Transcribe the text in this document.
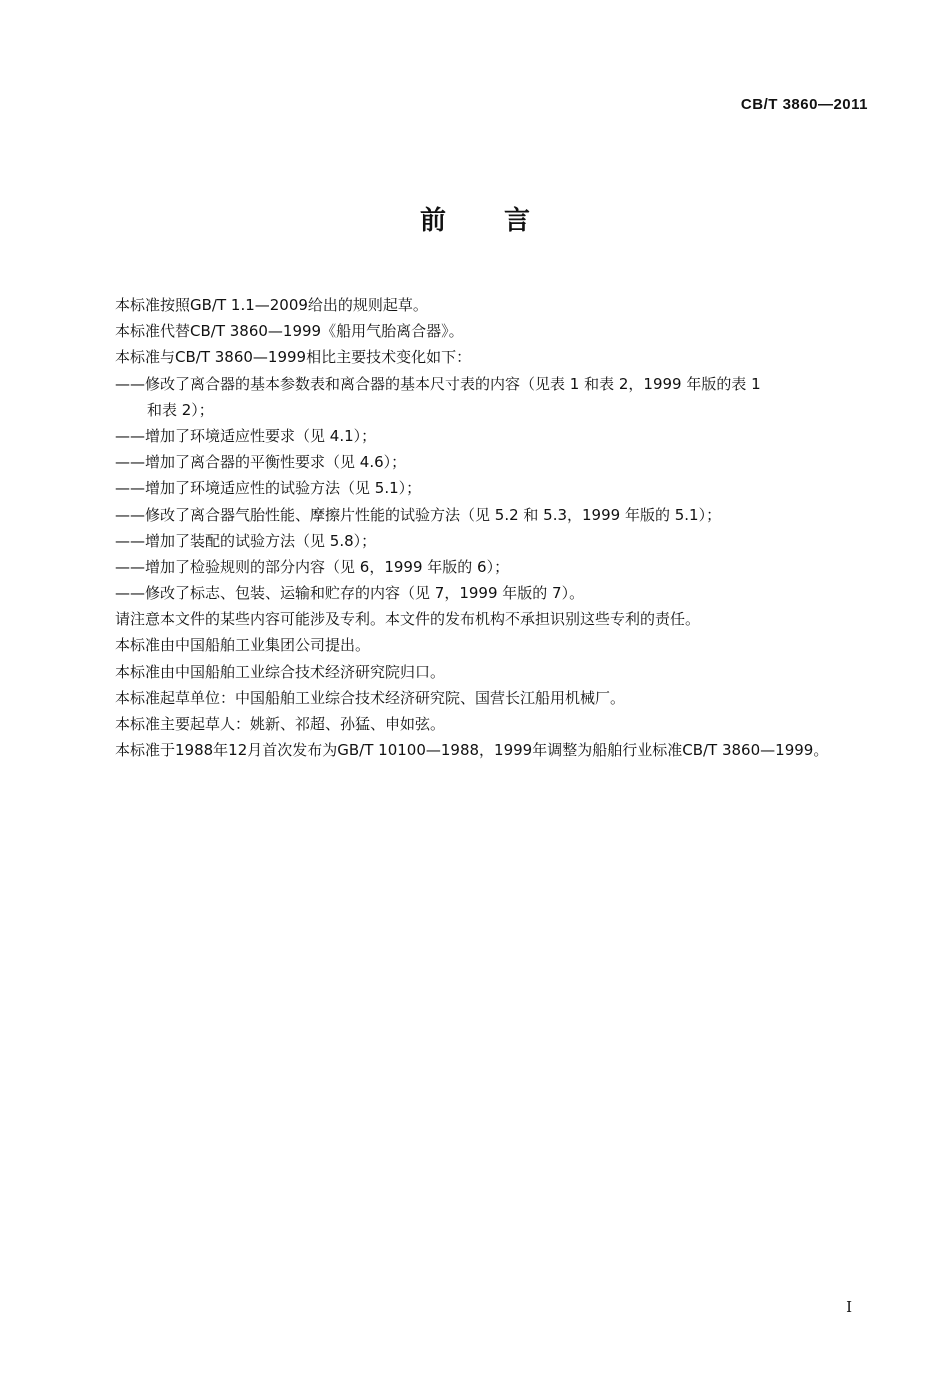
CB/T 3860—2011
前 言
本标准按照GB/T 1.1—2009给出的规则起草。
本标准代替CB/T 3860—1999《船用气胎离合器》。
本标准与CB/T 3860—1999相比主要技术变化如下：
——修改了离合器的基本参数表和离合器的基本尺寸表的内容（见表 1 和表 2，1999 年版的表 1
和表 2）；
——增加了环境适应性要求（见 4.1）；
——增加了离合器的平衡性要求（见 4.6）；
——增加了环境适应性的试验方法（见 5.1）；
——修改了离合器气胎性能、摩擦片性能的试验方法（见 5.2 和 5.3，1999 年版的 5.1）；
——增加了装配的试验方法（见 5.8）；
——增加了检验规则的部分内容（见 6，1999 年版的 6）；
——修改了标志、包装、运输和贮存的内容（见 7，1999 年版的 7）。
请注意本文件的某些内容可能涉及专利。本文件的发布机构不承担识别这些专利的责任。
本标准由中国船舶工业集团公司提出。
本标准由中国船舶工业综合技术经济研究院归口。
本标准起草单位：中国船舶工业综合技术经济研究院、国营长江船用机械厂。
本标准主要起草人：姚新、祁超、孙猛、申如弦。
本标准于1988年12月首次发布为GB/T 10100—1988，1999年调整为船舶行业标准CB/T 3860—1999。
I
